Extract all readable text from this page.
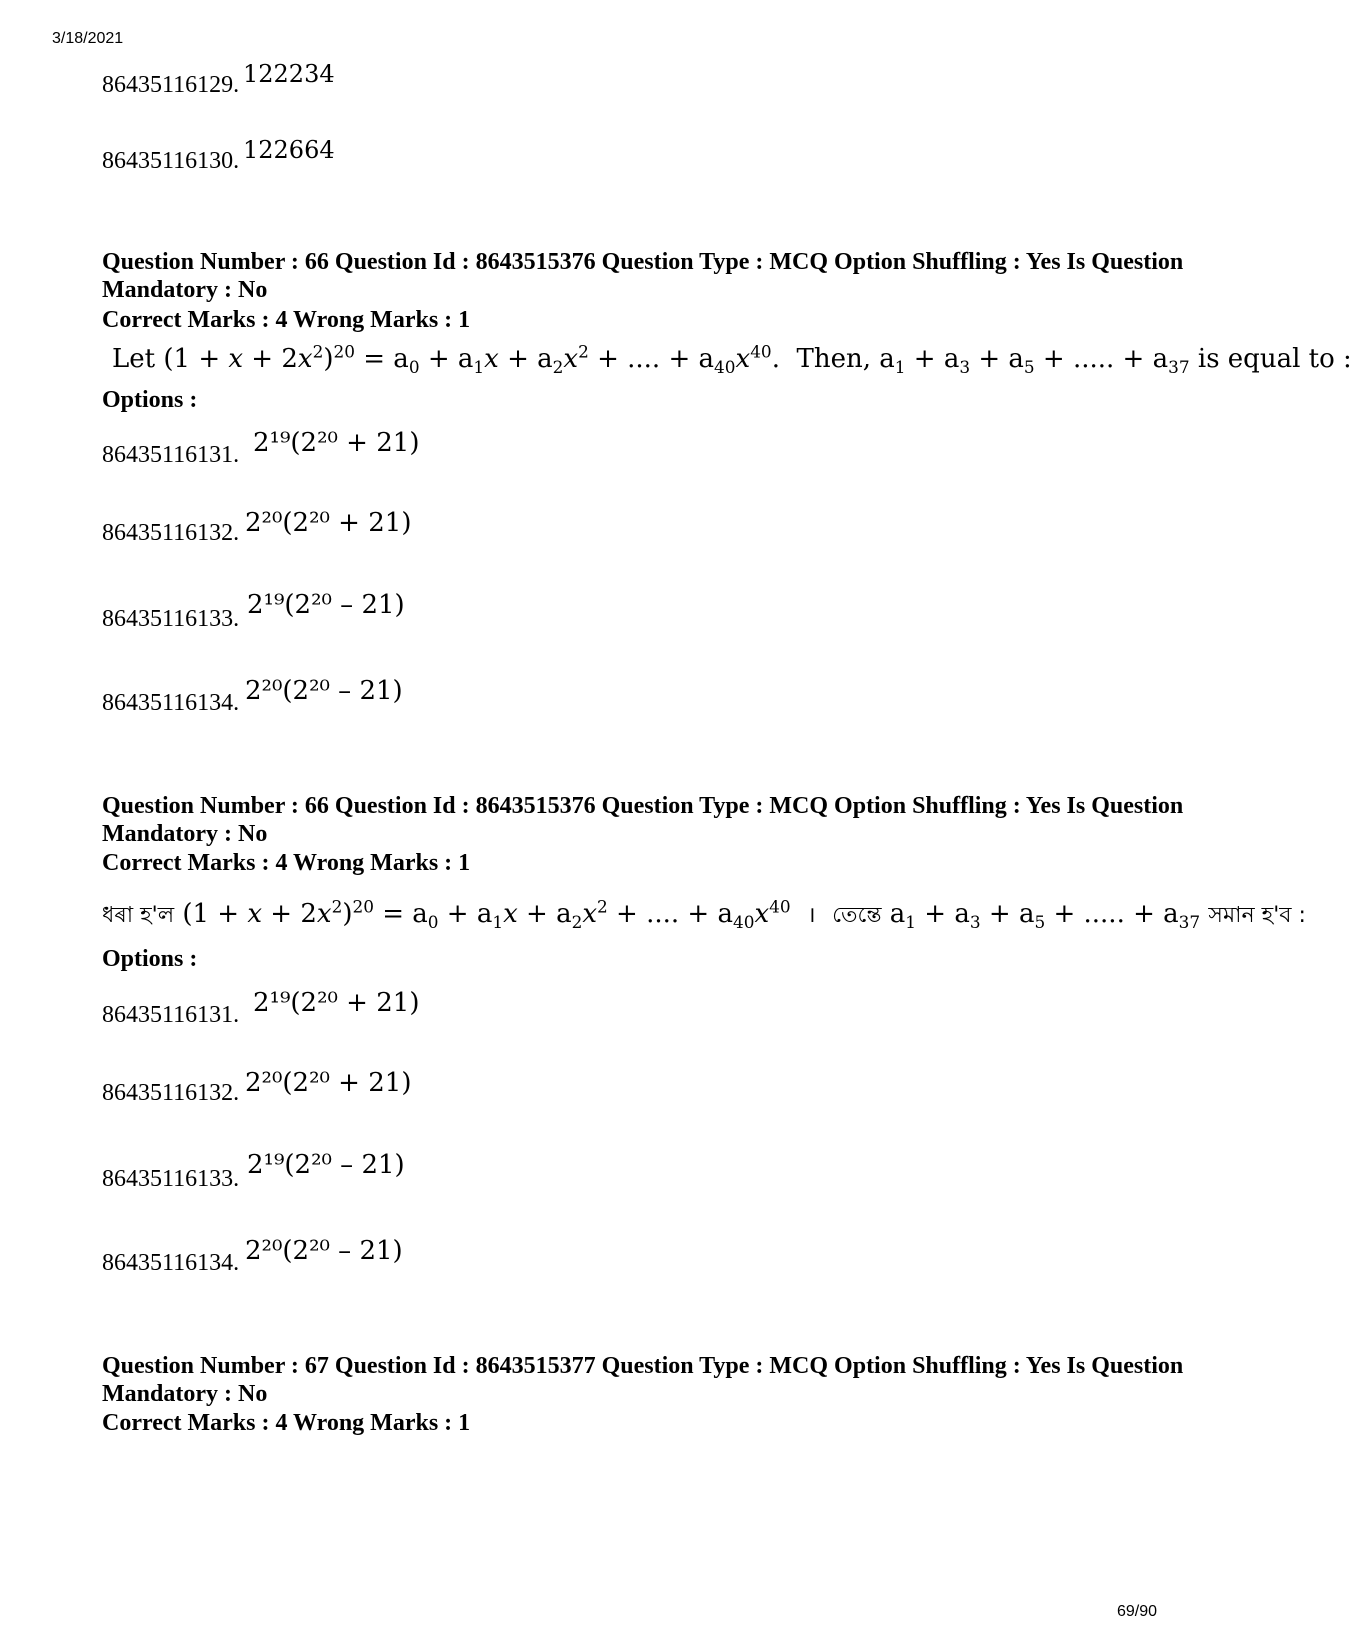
3/18/2021
86435116129. 122234
86435116130. 122664
Question Number : 66 Question Id : 8643515376 Question Type : MCQ Option Shuffling : Yes Is Question Mandatory : No
Correct Marks : 4 Wrong Marks : 1
Let $(1 + x + 2x^2)^{20} = a_0 + a_1x + a_2x^2$ + .... + $a_{40}x^{40}$. Then, $a_1 + a_3 + a_5$ + ..... + $a_{37}$ is equal to :
Options :
86435116131. 2¹⁹(2²⁰ + 21)
86435116132. 2²⁰(2²⁰ + 21)
86435116133. 2¹⁹(2²⁰ – 21)
86435116134. 2²⁰(2²⁰ – 21)
Question Number : 66 Question Id : 8643515376 Question Type : MCQ Option Shuffling : Yes Is Question Mandatory : No
Correct Marks : 4 Wrong Marks : 1
ধৰা হ'ল $(1 + x + 2x^2)^{20} = a_0 + a_1x + a_2x^2$ + .... + $a_{40}x^{40}$ । তেন্তে $a_1 + a_3 + a_5$ + ..... + $a_{37}$ সমান হ'ব :
Options :
86435116131. 2¹⁹(2²⁰ + 21)
86435116132. 2²⁰(2²⁰ + 21)
86435116133. 2¹⁹(2²⁰ – 21)
86435116134. 2²⁰(2²⁰ – 21)
Question Number : 67 Question Id : 8643515377 Question Type : MCQ Option Shuffling : Yes Is Question Mandatory : No
Correct Marks : 4 Wrong Marks : 1
69/90
